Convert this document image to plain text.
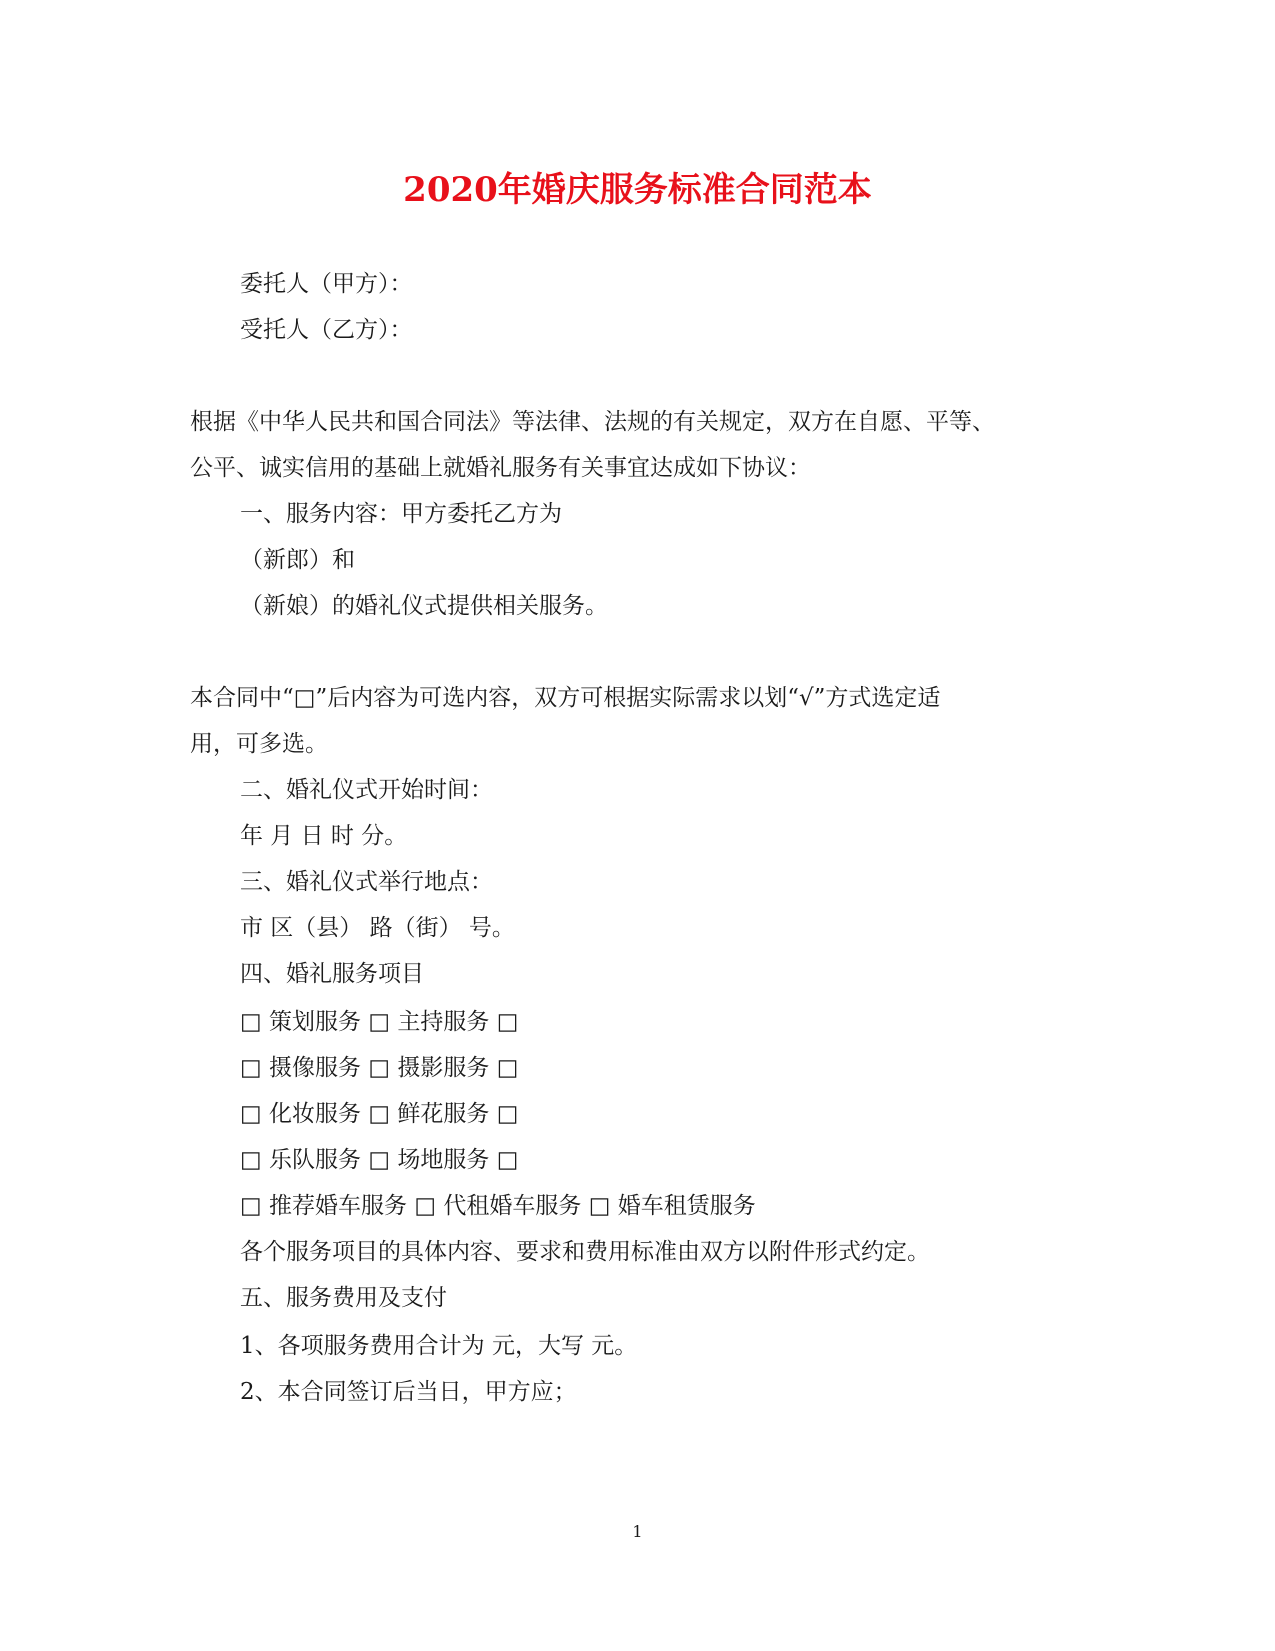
2020年婚庆服务标准合同范本
委托人（甲方）：
受托人（乙方）：
根据《中华人民共和国合同法》等法律、法规的有关规定，双方在自愿、平等、
公平、诚实信用的基础上就婚礼服务有关事宜达成如下协议：
一、服务内容：甲方委托乙方为
（新郎）和
（新娘）的婚礼仪式提供相关服务。
本合同中“□”后内容为可选内容，双方可根据实际需求以划“√”方式选定适
用，可多选。
二、婚礼仪式开始时间：
年 月 日 时 分。
三、婚礼仪式举行地点：
市 区（县） 路（街） 号。
四、婚礼服务项目
□ 策划服务 □ 主持服务 □
□ 摄像服务 □ 摄影服务 □
□ 化妆服务 □ 鲜花服务 □
□ 乐队服务 □ 场地服务 □
□ 推荐婚车服务 □ 代租婚车服务 □ 婚车租赁服务
各个服务项目的具体内容、要求和费用标准由双方以附件形式约定。
五、服务费用及支付
1、各项服务费用合计为 元，大写 元。
2、本合同签订后当日，甲方应；
1
